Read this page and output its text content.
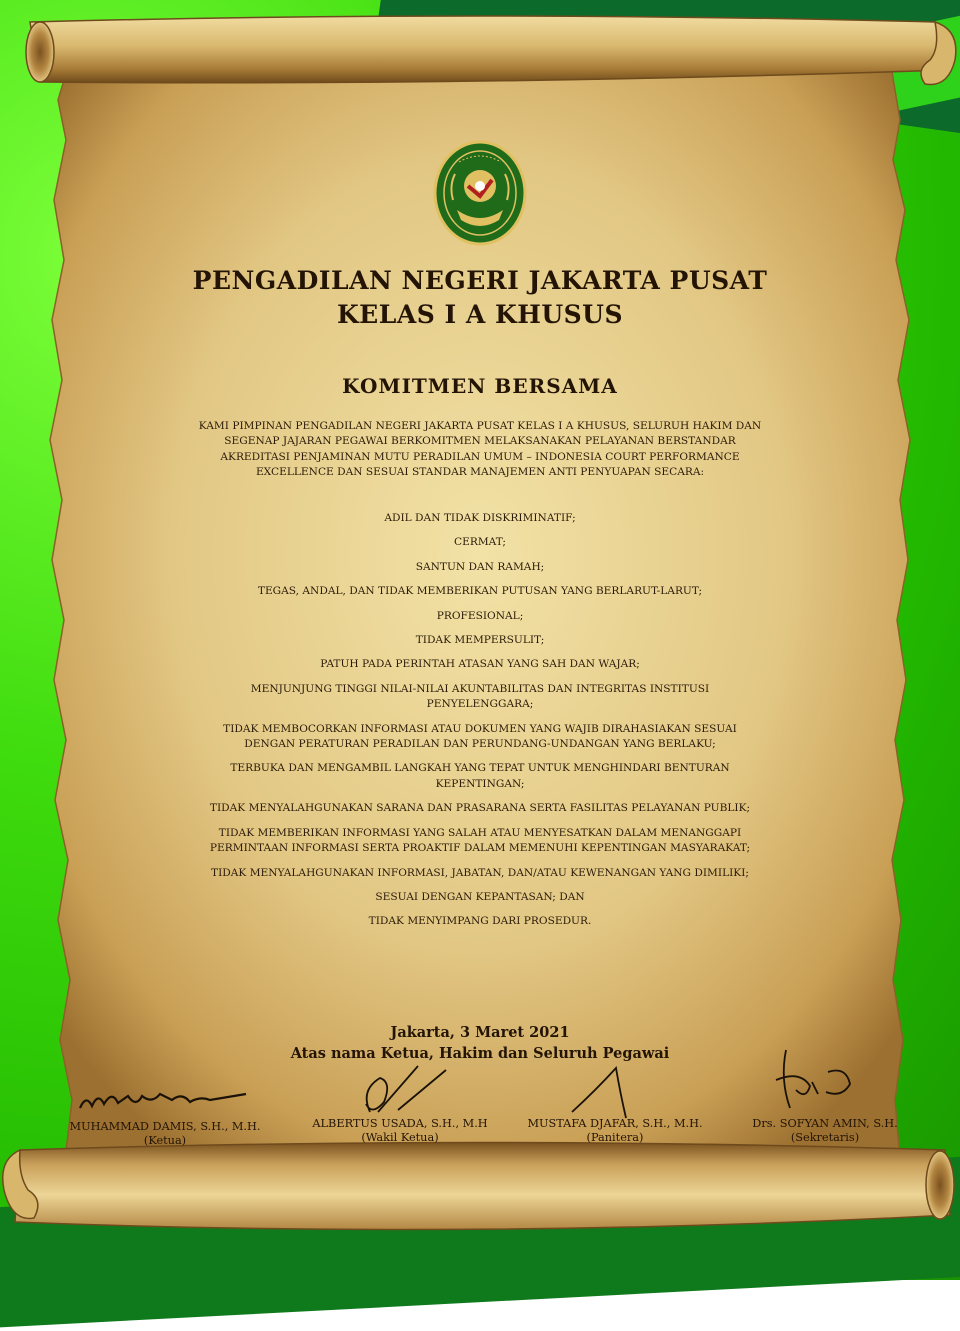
PENGADILAN NEGERI JAKARTA PUSAT
KELAS I A KHUSUS
KOMITMEN BERSAMA
KAMI PIMPINAN PENGADILAN NEGERI JAKARTA PUSAT KELAS I A KHUSUS, SELURUH HAKIM DAN SEGENAP JAJARAN PEGAWAI BERKOMITMEN MELAKSANAKAN PELAYANAN BERSTANDAR AKREDITASI PENJAMINAN MUTU PERADILAN UMUM – INDONESIA COURT PERFORMANCE EXCELLENCE DAN SESUAI STANDAR MANAJEMEN ANTI PENYUAPAN SECARA:
ADIL DAN TIDAK DISKRIMINATIF;
CERMAT;
SANTUN DAN RAMAH;
TEGAS, ANDAL, DAN TIDAK MEMBERIKAN PUTUSAN YANG BERLARUT-LARUT;
PROFESIONAL;
TIDAK MEMPERSULIT;
PATUH PADA PERINTAH ATASAN YANG SAH DAN WAJAR;
MENJUNJUNG TINGGI NILAI-NILAI AKUNTABILITAS DAN INTEGRITAS INSTITUSI PENYELENGGARA;
TIDAK MEMBOCORKAN INFORMASI ATAU DOKUMEN YANG WAJIB DIRAHASIAKAN SESUAI DENGAN PERATURAN PERADILAN DAN PERUNDANG-UNDANGAN YANG BERLAKU;
TERBUKA DAN MENGAMBIL LANGKAH YANG TEPAT UNTUK MENGHINDARI BENTURAN KEPENTINGAN;
TIDAK MENYALAHGUNAKAN SARANA DAN PRASARANA SERTA FASILITAS PELAYANAN PUBLIK;
TIDAK MEMBERIKAN INFORMASI YANG SALAH ATAU MENYESATKAN DALAM MENANGGAPI PERMINTAAN INFORMASI SERTA PROAKTIF DALAM MEMENUHI KEPENTINGAN MASYARAKAT;
TIDAK MENYALAHGUNAKAN INFORMASI, JABATAN, DAN/ATAU KEWENANGAN YANG DIMILIKI;
SESUAI DENGAN KEPANTASAN; DAN
TIDAK MENYIMPANG DARI PROSEDUR.
Jakarta, 3 Maret 2021
Atas nama Ketua, Hakim dan Seluruh Pegawai
MUHAMMAD DAMIS, S.H., M.H.
(Ketua)
ALBERTUS USADA, S.H., M.H
(Wakil Ketua)
MUSTAFA DJAFAR, S.H., M.H.
(Panitera)
Drs. SOFYAN AMIN, S.H.
(Sekretaris)
